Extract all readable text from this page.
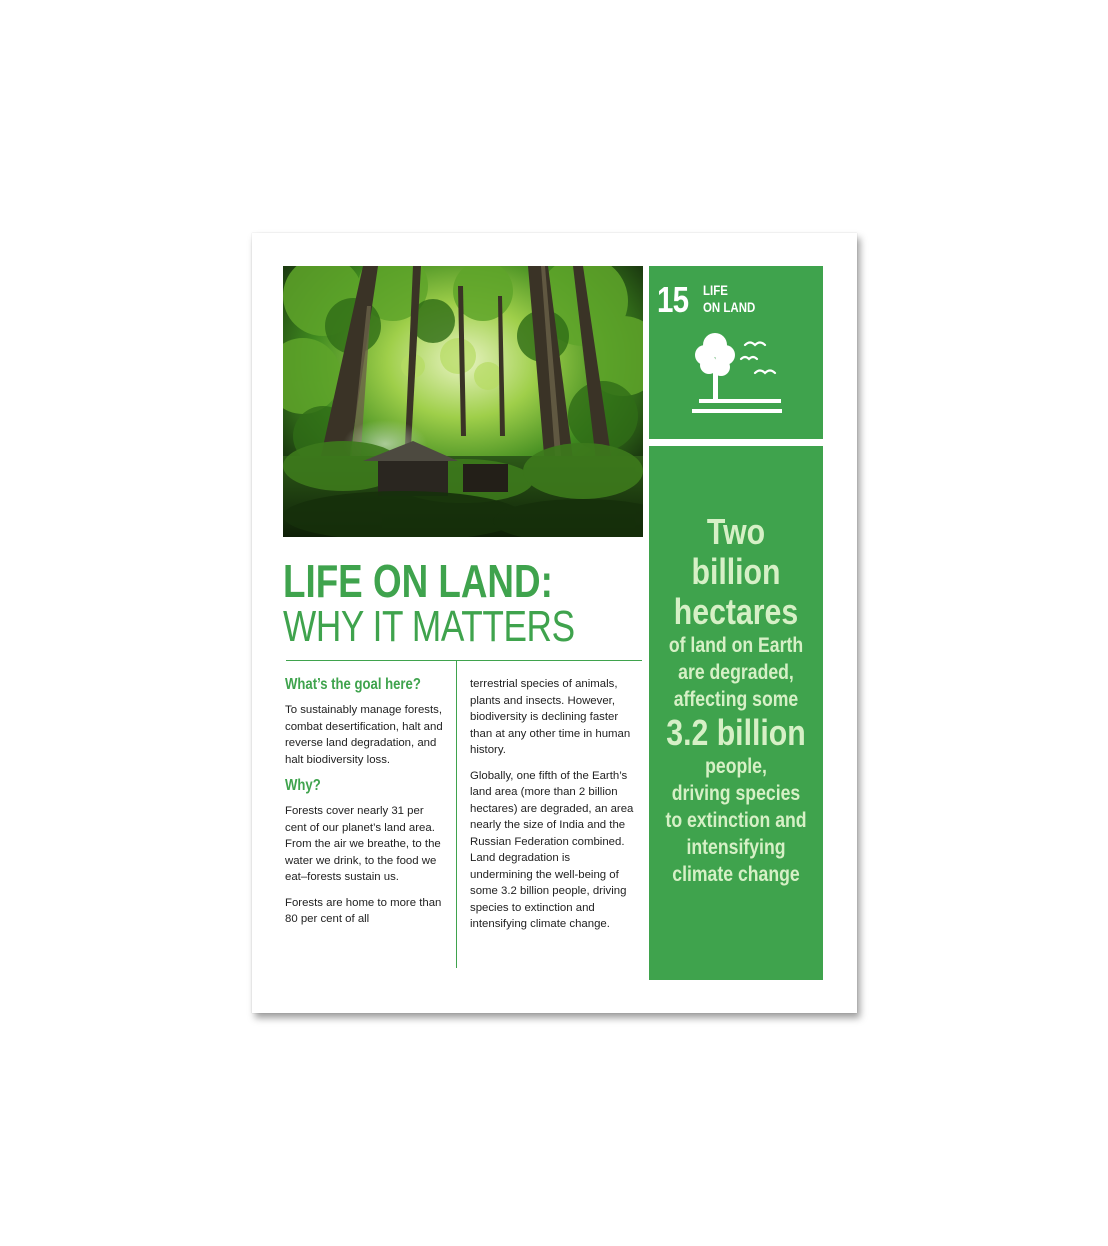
15 LIFE
ON LAND
Two billion
hectares
of land on Earth
are degraded,
affecting some
3.2 billion
people,
driving species
to extinction and
intensifying
climate change
LIFE ON LAND:
WHY IT MATTERS
What’s the goal here?

To sustainably manage forests, combat desertification, halt and reverse land degradation, and halt biodiversity loss.

Why?

Forests cover nearly 31 per cent of our planet’s land area. From the air we breathe, to the water we drink, to the food we eat–forests sustain us.

Forests are home to more than 80 per cent of all

terrestrial species of animals, plants and insects. However, biodiversity is declining faster than at any other time in human history.

Globally, one fifth of the Earth’s land area (more than 2 billion hectares) are degraded, an area nearly the size of India and the Russian Federation combined. Land degradation is undermining the well-being of some 3.2 billion people, driving species to extinction and intensifying climate change.
